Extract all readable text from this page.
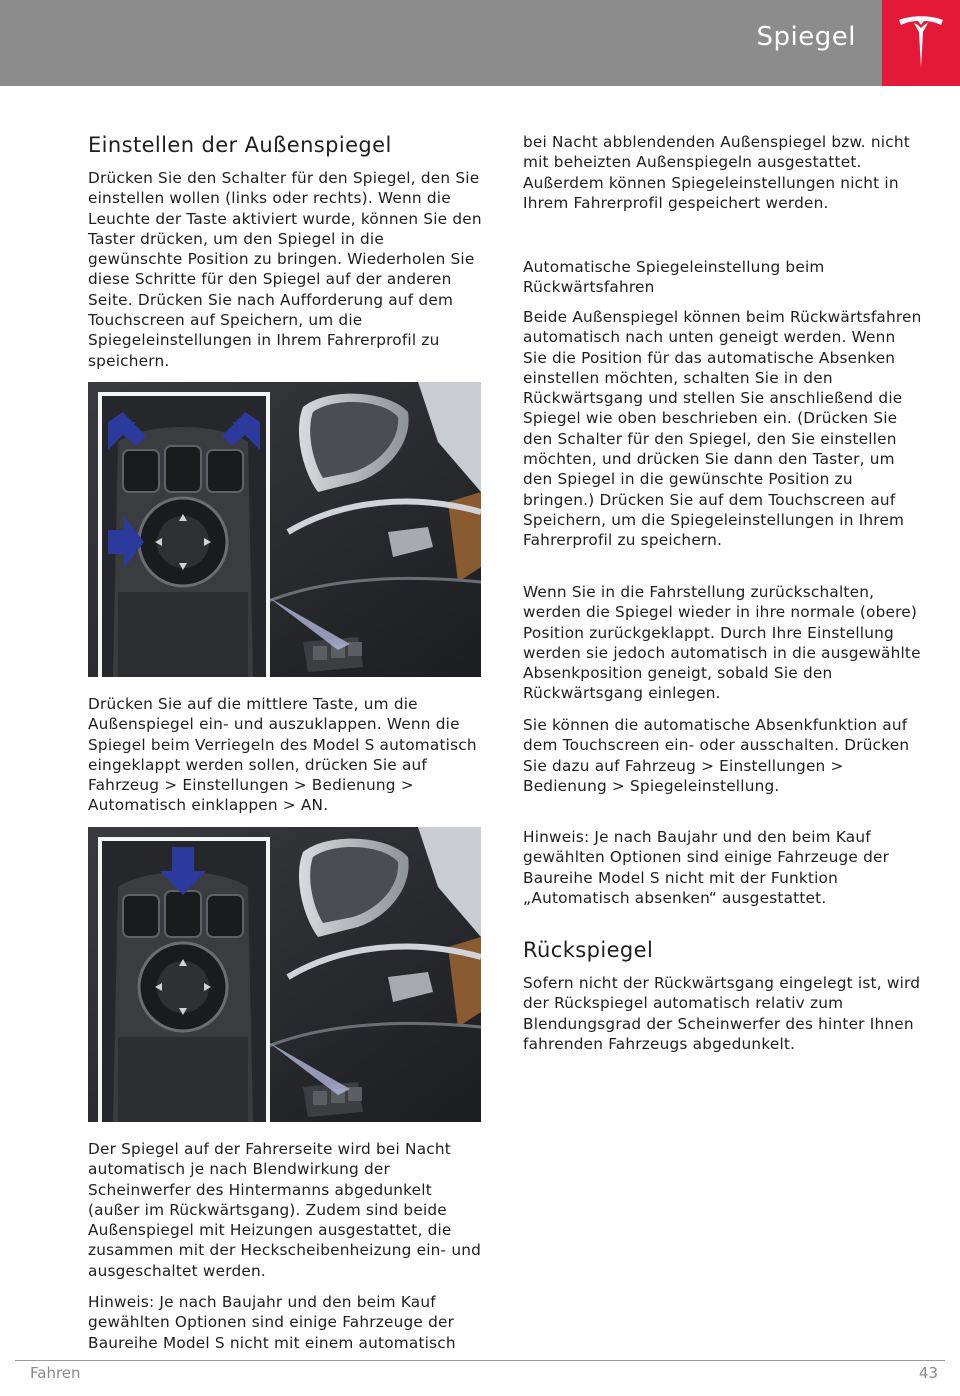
Spiegel
Einstellen der Außenspiegel

Drücken Sie den Schalter für den Spiegel, den Sie einstellen wollen (links oder rechts). Wenn die Leuchte der Taste aktiviert wurde, können Sie den Taster drücken, um den Spiegel in die gewünschte Position zu bringen. Wiederholen Sie diese Schritte für den Spiegel auf der anderen Seite. Drücken Sie nach Aufforderung auf dem Touchscreen auf Speichern, um die Spiegeleinstellungen in Ihrem Fahrerprofil zu speichern.

Drücken Sie auf die mittlere Taste, um die Außenspiegel ein- und auszuklappen. Wenn die Spiegel beim Verriegeln des Model S automatisch eingeklappt werden sollen, drücken Sie auf Fahrzeug > Einstellungen > Bedienung > Automatisch einklappen > AN.

Der Spiegel auf der Fahrerseite wird bei Nacht automatisch je nach Blendwirkung der Scheinwerfer des Hintermanns abgedunkelt (außer im Rückwärtsgang). Zudem sind beide Außenspiegel mit Heizungen ausgestattet, die zusammen mit der Heckscheibenheizung ein- und ausgeschaltet werden.

Hinweis: Je nach Baujahr und den beim Kauf gewählten Optionen sind einige Fahrzeuge der Baureihe Model S nicht mit einem automatisch

bei Nacht abblendenden Außenspiegel bzw. nicht mit beheizten Außenspiegeln ausgestattet. Außerdem können Spiegeleinstellungen nicht in Ihrem Fahrerprofil gespeichert werden.

Automatische Spiegeleinstellung beim Rückwärtsfahren

Beide Außenspiegel können beim Rückwärtsfahren automatisch nach unten geneigt werden. Wenn Sie die Position für das automatische Absenken einstellen möchten, schalten Sie in den Rückwärtsgang und stellen Sie anschließend die Spiegel wie oben beschrieben ein. (Drücken Sie den Schalter für den Spiegel, den Sie einstellen möchten, und drücken Sie dann den Taster, um den Spiegel in die gewünschte Position zu bringen.) Drücken Sie auf dem Touchscreen auf Speichern, um die Spiegeleinstellungen in Ihrem Fahrerprofil zu speichern.

Wenn Sie in die Fahrstellung zurückschalten, werden die Spiegel wieder in ihre normale (obere) Position zurückgeklappt. Durch Ihre Einstellung werden sie jedoch automatisch in die ausgewählte Absenkposition geneigt, sobald Sie den Rückwärtsgang einlegen.

Sie können die automatische Absenkfunktion auf dem Touchscreen ein- oder ausschalten. Drücken Sie dazu auf Fahrzeug > Einstellungen > Bedienung > Spiegeleinstellung.

Hinweis: Je nach Baujahr und den beim Kauf gewählten Optionen sind einige Fahrzeuge der Baureihe Model S nicht mit der Funktion „Automatisch absenken“ ausgestattet.

Rückspiegel

Sofern nicht der Rückwärtsgang eingelegt ist, wird der Rückspiegel automatisch relativ zum Blendungsgrad der Scheinwerfer des hinter Ihnen fahrenden Fahrzeugs abgedunkelt.

Fahren	43
